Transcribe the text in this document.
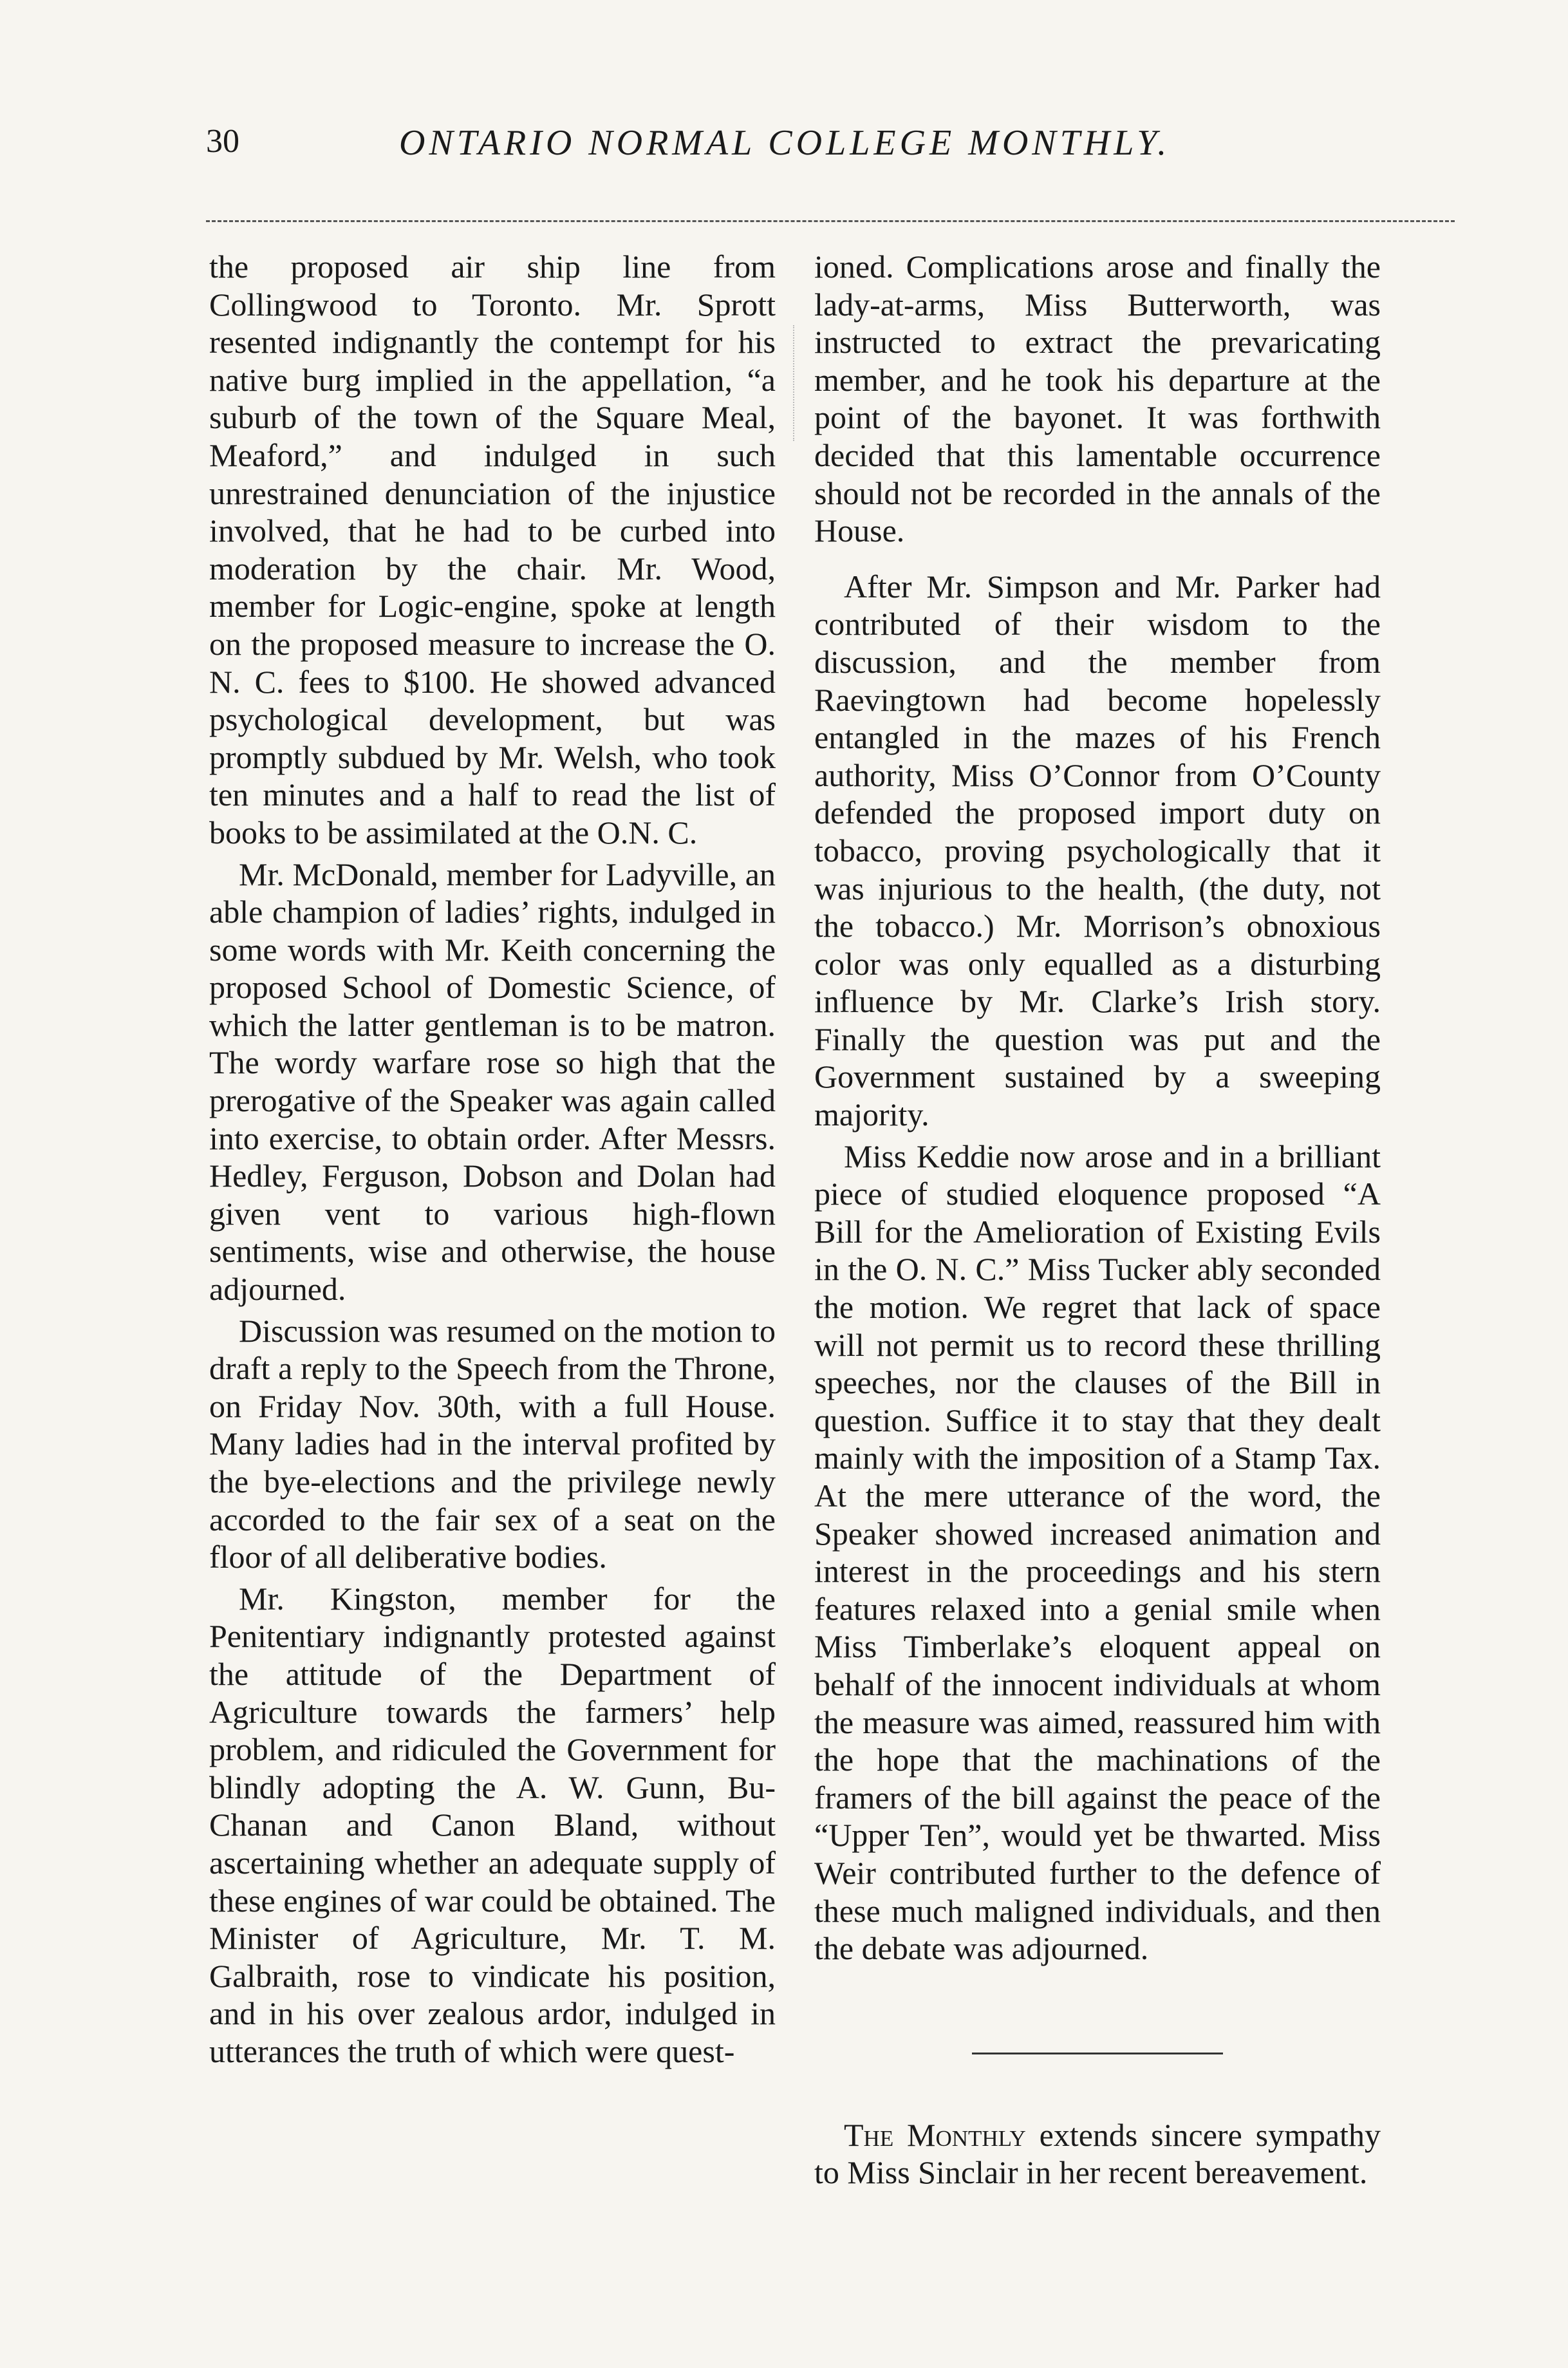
30	ONTARIO NORMAL COLLEGE MONTHLY.

the proposed air ship line from Collingwood to Toronto. Mr. Sprott resented indignantly the contempt for his native burg implied in the appellation, “a suburb of the town of the Square Meal, Meaford,” and indulged in such unrestrained denunciation of the injustice involved, that he had to be curbed into moderation by the chair. Mr. Wood, member for Logic-engine, spoke at length on the proposed measure to increase the O. N. C. fees to $100. He showed advanced psychological development, but was promptly subdued by Mr. Welsh, who took ten minutes and a half to read the list of books to be assimilated at the O.N. C.

Mr. McDonald, member for Ladyville, an able champion of ladies’ rights, indulged in some words with Mr. Keith concerning the proposed School of Domestic Science, of which the latter gentleman is to be matron. The wordy warfare rose so high that the prerogative of the Speaker was again called into exercise, to obtain order. After Messrs. Hedley, Ferguson, Dobson and Dolan had given vent to various high-flown sentiments, wise and otherwise, the house adjourned.

Discussion was resumed on the motion to draft a reply to the Speech from the Throne, on Friday Nov. 30th, with a full House. Many ladies had in the interval profited by the bye-elections and the privilege newly accorded to the fair sex of a seat on the floor of all deliberative bodies.

Mr. Kingston, member for the Penitentiary indignantly protested against the attitude of the Department of Agriculture towards the farmers’ help problem, and ridiculed the Government for blindly adopting the A. W. Gunn, Bu-Chanan and Canon Bland, without ascertaining whether an adequate supply of these engines of war could be obtained. The Minister of Agriculture, Mr. T. M. Galbraith, rose to vindicate his position, and in his over zealous ardor, indulged in utterances the truth of which were quest-

ioned. Complications arose and finally the lady-at-arms, Miss Butterworth, was instructed to extract the prevaricating member, and he took his departure at the point of the bayonet. It was forthwith decided that this lamentable occurrence should not be recorded in the annals of the House.

After Mr. Simpson and Mr. Parker had contributed of their wisdom to the discussion, and the member from Raevingtown had become hopelessly entangled in the mazes of his French authority, Miss O’Connor from O’County defended the proposed import duty on tobacco, proving psychologically that it was injurious to the health, (the duty, not the tobacco.) Mr. Morrison’s obnoxious color was only equalled as a disturbing influence by Mr. Clarke’s Irish story. Finally the question was put and the Government sustained by a sweeping majority.

Miss Keddie now arose and in a brilliant piece of studied eloquence proposed “A Bill for the Amelioration of Existing Evils in the O. N. C.” Miss Tucker ably seconded the motion. We regret that lack of space will not permit us to record these thrilling speeches, nor the clauses of the Bill in question. Suffice it to stay that they dealt mainly with the imposition of a Stamp Tax. At the mere utterance of the word, the Speaker showed increased animation and interest in the proceedings and his stern features relaxed into a genial smile when Miss Timberlake’s eloquent appeal on behalf of the innocent individuals at whom the measure was aimed, reassured him with the hope that the machinations of the framers of the bill against the peace of the “Upper Ten”, would yet be thwarted. Miss Weir contributed further to the defence of these much maligned individuals, and then the debate was adjourned.

The Monthly extends sincere sympathy to Miss Sinclair in her recent bereavement.
